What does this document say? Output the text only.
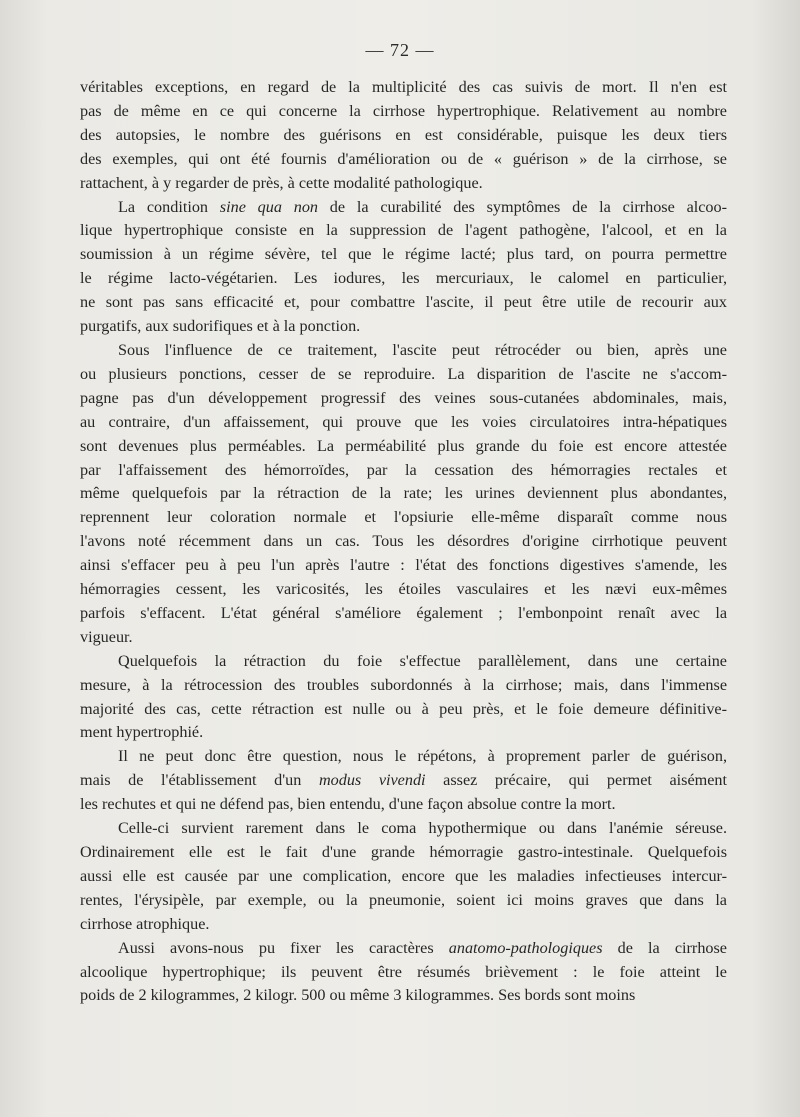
— 72 —

véritables exceptions, en regard de la multiplicité des cas suivis de mort. Il n'en est
pas de même en ce qui concerne la cirrhose hypertrophique. Relativement au nombre
des autopsies, le nombre des guérisons en est considérable, puisque les deux tiers
des exemples, qui ont été fournis d'amélioration ou de « guérison » de la cirrhose, se
rattachent, à y regarder de près, à cette modalité pathologique.

La condition sine qua non de la curabilité des symptômes de la cirrhose alcoo-
lique hypertrophique consiste en la suppression de l'agent pathogène, l'alcool, et en la
soumission à un régime sévère, tel que le régime lacté; plus tard, on pourra permettre
le régime lacto-végétarien. Les iodures, les mercuriaux, le calomel en particulier,
ne sont pas sans efficacité et, pour combattre l'ascite, il peut être utile de recourir aux
purgatifs, aux sudorifiques et à la ponction.

Sous l'influence de ce traitement, l'ascite peut rétrocéder ou bien, après une
ou plusieurs ponctions, cesser de se reproduire. La disparition de l'ascite ne s'accom-
pagne pas d'un développement progressif des veines sous-cutanées abdominales, mais,
au contraire, d'un affaissement, qui prouve que les voies circulatoires intra-hépatiques
sont devenues plus perméables. La perméabilité plus grande du foie est encore attestée
par l'affaissement des hémorroïdes, par la cessation des hémorragies rectales et
même quelquefois par la rétraction de la rate; les urines deviennent plus abondantes,
reprennent leur coloration normale et l'opsiurie elle-même disparaît comme nous
l'avons noté récemment dans un cas. Tous les désordres d'origine cirrhotique peuvent
ainsi s'effacer peu à peu l'un après l'autre : l'état des fonctions digestives s'amende, les
hémorragies cessent, les varicosités, les étoiles vasculaires et les nævi eux-mêmes
parfois s'effacent. L'état général s'améliore également ; l'embonpoint renaît avec la
vigueur.

Quelquefois la rétraction du foie s'effectue parallèlement, dans une certaine
mesure, à la rétrocession des troubles subordonnés à la cirrhose; mais, dans l'immense
majorité des cas, cette rétraction est nulle ou à peu près, et le foie demeure définitive-
ment hypertrophié.

Il ne peut donc être question, nous le répétons, à proprement parler de guérison,
mais de l'établissement d'un modus vivendi assez précaire, qui permet aisément
les rechutes et qui ne défend pas, bien entendu, d'une façon absolue contre la mort.

Celle-ci survient rarement dans le coma hypothermique ou dans l'anémie séreuse.
Ordinairement elle est le fait d'une grande hémorragie gastro-intestinale. Quelquefois
aussi elle est causée par une complication, encore que les maladies infectieuses intercur-
rentes, l'érysipèle, par exemple, ou la pneumonie, soient ici moins graves que dans la
cirrhose atrophique.

Aussi avons-nous pu fixer les caractères anatomo-pathologiques de la cirrhose
alcoolique hypertrophique; ils peuvent être résumés brièvement : le foie atteint le
poids de 2 kilogrammes, 2 kilogr. 500 ou même 3 kilogrammes. Ses bords sont moins
